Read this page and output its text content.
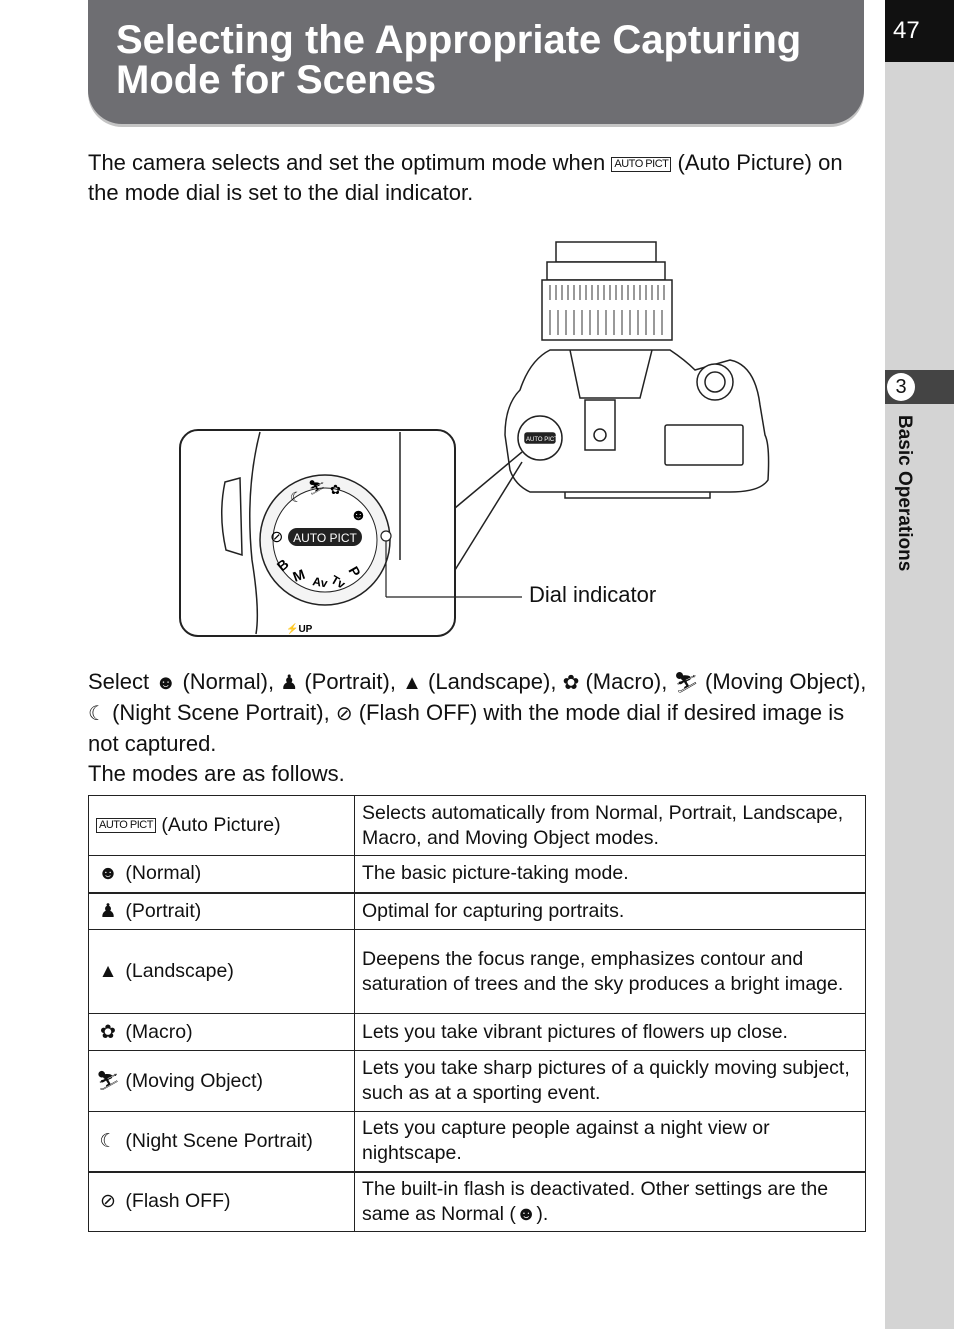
47
3
Basic Operations
Selecting the Appropriate Capturing Mode for Scenes
The camera selects and set the optimum mode when AUTO PICT (Auto Picture) on the mode dial is set to the dial indicator.
AUTO PICT
AUTO PICT
P
Tv
Av
M
B
⊘
☾
⛷ ✿
☻
⚡UP
Dial indicator
Select ☻ (Normal), ♟ (Portrait), ▲ (Landscape), ✿ (Macro), ⛷ (Moving Object), ☾ (Night Scene Portrait), ⊘ (Flash OFF) with the mode dial if desired image is not captured.
The modes are as follows.
AUTO PICT (Auto Picture)	Selects automatically from Normal, Portrait, Landscape, Macro, and Moving Object modes.
☻ (Normal)	The basic picture-taking mode.
♟ (Portrait)	Optimal for capturing portraits.
▲ (Landscape)	Deepens the focus range, emphasizes contour and saturation of trees and the sky produces a bright image.
✿ (Macro)	Lets you take vibrant pictures of flowers up close.
⛷ (Moving Object)	Lets you take sharp pictures of a quickly moving subject, such as at a sporting event.
☾ (Night Scene Portrait)	Lets you capture people against a night view or nightscape.
⊘ (Flash OFF)	The built-in flash is deactivated. Other settings are the same as Normal (☻).
